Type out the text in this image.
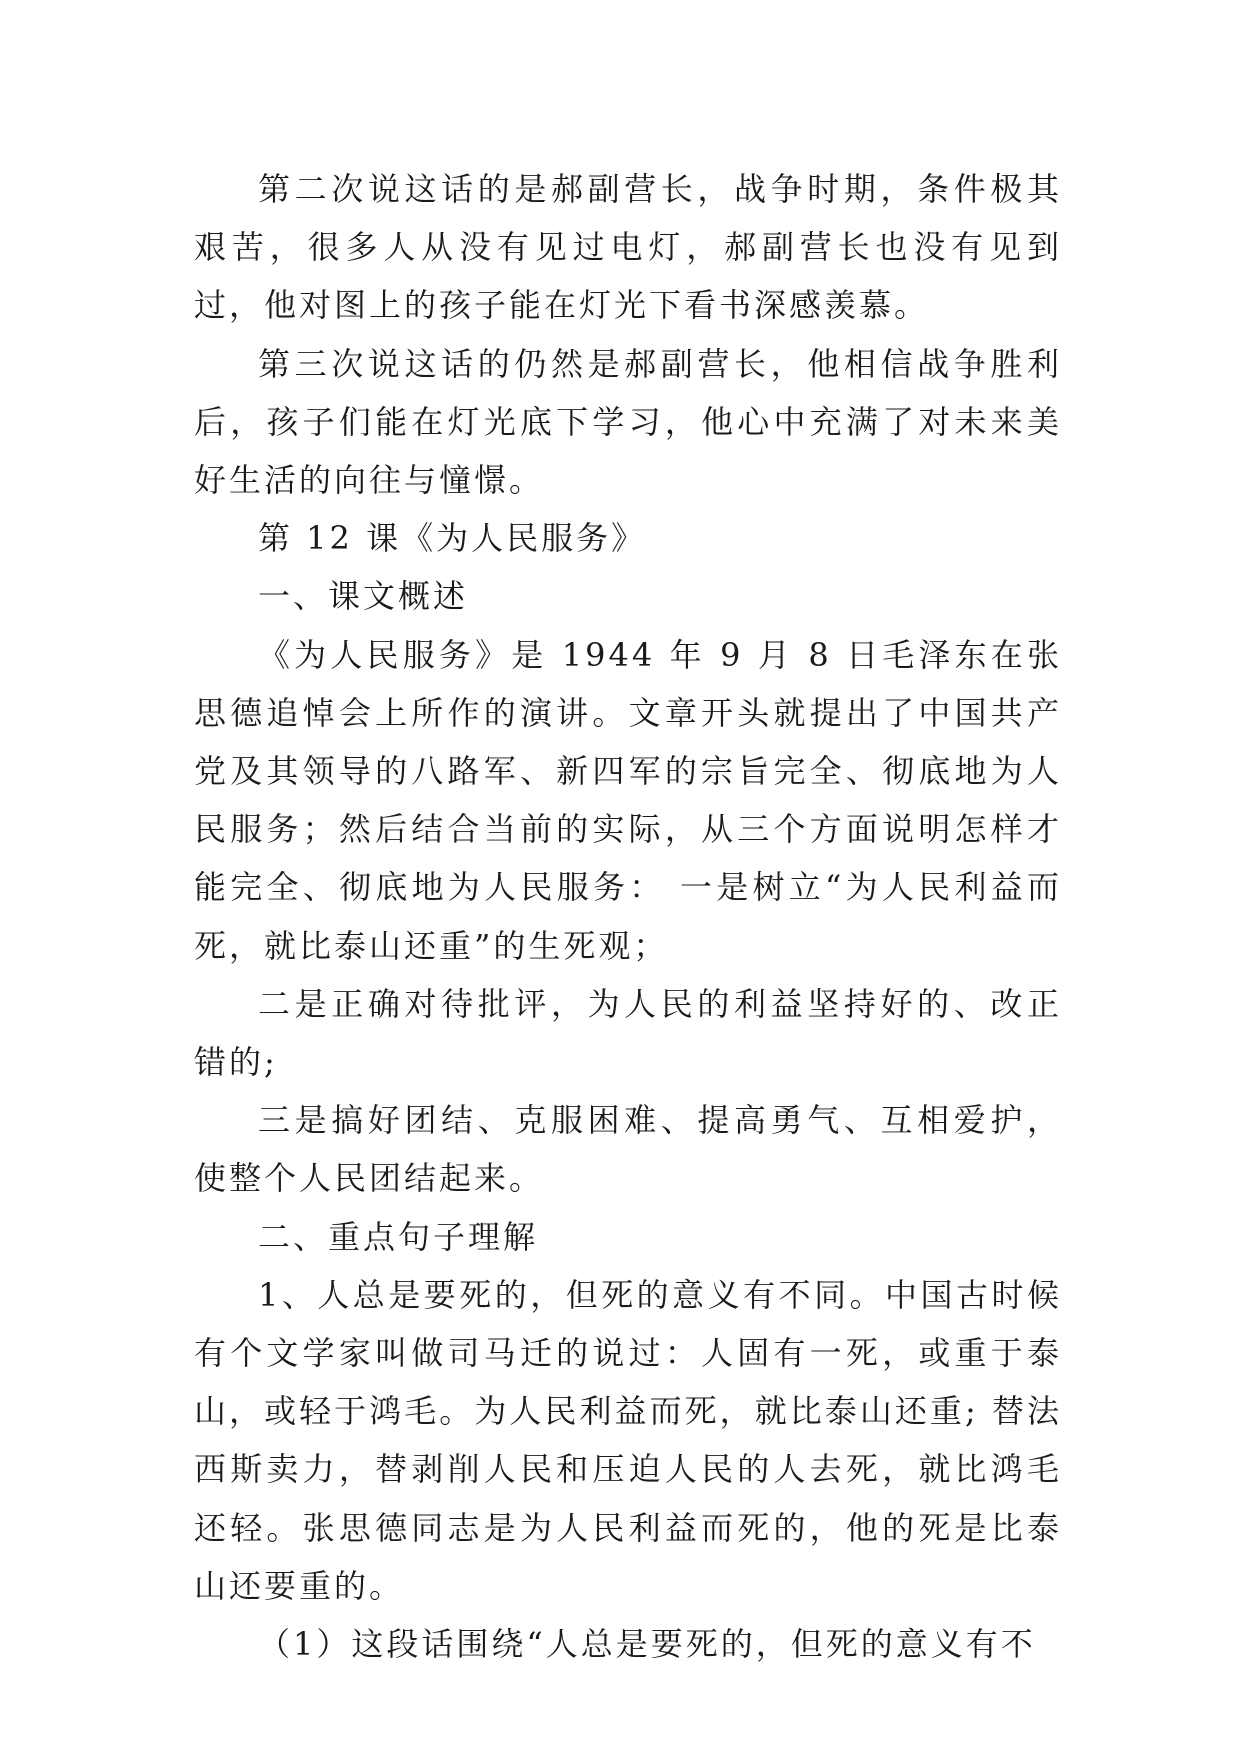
第二次说这话的是郝副营长，战争时期，条件极其艰苦，很多人从没有见过电灯，郝副营长也没有见到过，他对图上的孩子能在灯光下看书深感羡慕。

第三次说这话的仍然是郝副营长，他相信战争胜利后，孩子们能在灯光底下学习，他心中充满了对未来美好生活的向往与憧憬。

第 12 课《为人民服务》

一、课文概述

《为人民服务》是 1944 年 9 月 8 日毛泽东在张思德追悼会上所作的演讲。文章开头就提出了中国共产党及其领导的八路军、新四军的宗旨完全、彻底地为人民服务；然后结合当前的实际，从三个方面说明怎样才能完全、彻底地为人民服务： 一是树立“为人民利益而死，就比泰山还重”的生死观；

二是正确对待批评，为人民的利益坚持好的、改正错的;

三是搞好团结、克服困难、提高勇气、互相爱护，使整个人民团结起来。

二、重点句子理解

1、人总是要死的，但死的意义有不同。中国古时候有个文学家叫做司马迁的说过：人固有一死，或重于泰山，或轻于鸿毛。为人民利益而死，就比泰山还重; 替法西斯卖力，替剥削人民和压迫人民的人去死，就比鸿毛还轻。张思德同志是为人民利益而死的，他的死是比泰山还要重的。

（1）这段话围绕“人总是要死的，但死的意义有不
